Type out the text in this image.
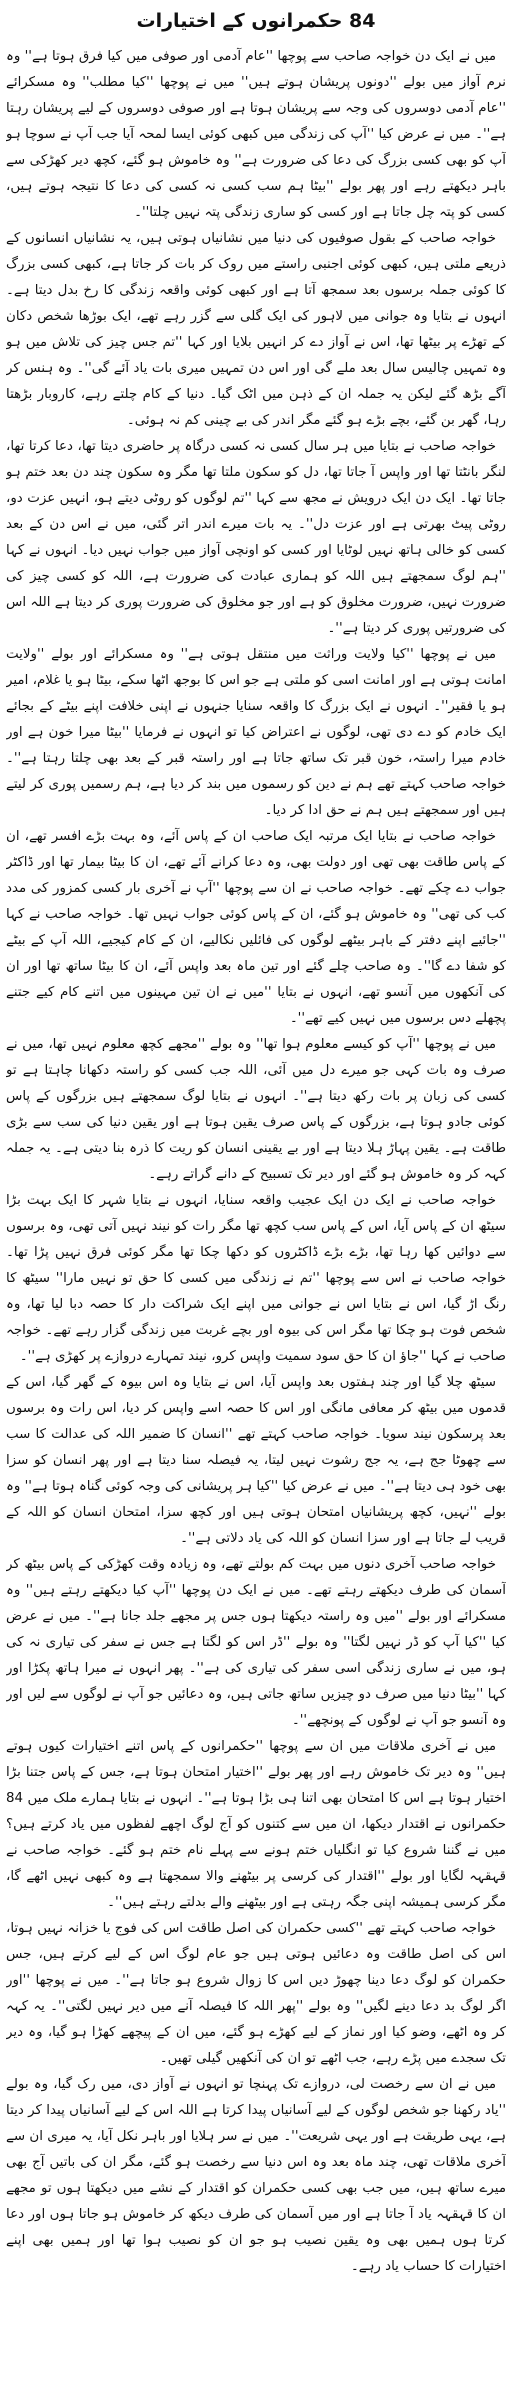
84 حکمرانوں کے اختیارات

میں نے ایک دن خواجہ صاحب سے پوچھا ''عام آدمی اور صوفی میں کیا فرق ہوتا ہے'' وہ نرم آواز میں بولے ''دونوں پریشان ہوتے ہیں'' میں نے پوچھا ''کیا مطلب'' وہ مسکرائے ''عام آدمی دوسروں کی وجہ سے پریشان ہوتا ہے اور صوفی دوسروں کے لیے پریشان رہتا ہے''۔ میں نے عرض کیا ''آپ کی زندگی میں کبھی کوئی ایسا لمحہ آیا جب آپ نے سوچا ہو آپ کو بھی کسی بزرگ کی دعا کی ضرورت ہے'' وہ خاموش ہو گئے، کچھ دیر کھڑکی سے باہر دیکھتے رہے اور پھر بولے ''بیٹا ہم سب کسی نہ کسی کی دعا کا نتیجہ ہوتے ہیں، کسی کو پتہ چل جاتا ہے اور کسی کو ساری زندگی پتہ نہیں چلتا''۔

خواجہ صاحب کے بقول صوفیوں کی دنیا میں نشانیاں ہوتی ہیں، یہ نشانیاں انسانوں کے ذریعے ملتی ہیں، کبھی کوئی اجنبی راستے میں روک کر بات کر جاتا ہے، کبھی کسی بزرگ کا کوئی جملہ برسوں بعد سمجھ آتا ہے اور کبھی کوئی واقعہ زندگی کا رخ بدل دیتا ہے۔ انہوں نے بتایا وہ جوانی میں لاہور کی ایک گلی سے گزر رہے تھے، ایک بوڑھا شخص دکان کے تھڑے پر بیٹھا تھا، اس نے آواز دے کر انہیں بلایا اور کہا ''تم جس چیز کی تلاش میں ہو وہ تمہیں چالیس سال بعد ملے گی اور اس دن تمہیں میری بات یاد آئے گی''۔ وہ ہنس کر آگے بڑھ گئے لیکن یہ جملہ ان کے ذہن میں اٹک گیا۔ دنیا کے کام چلتے رہے، کاروبار بڑھتا رہا، گھر بن گئے، بچے بڑے ہو گئے مگر اندر کی بے چینی کم نہ ہوئی۔

خواجہ صاحب نے بتایا میں ہر سال کسی نہ کسی درگاہ پر حاضری دیتا تھا، دعا کرتا تھا، لنگر بانٹتا تھا اور واپس آ جاتا تھا، دل کو سکون ملتا تھا مگر وہ سکون چند دن بعد ختم ہو جاتا تھا۔ ایک دن ایک درویش نے مجھ سے کہا ''تم لوگوں کو روٹی دیتے ہو، انہیں عزت دو، روٹی پیٹ بھرتی ہے اور عزت دل''۔ یہ بات میرے اندر اتر گئی، میں نے اس دن کے بعد کسی کو خالی ہاتھ نہیں لوٹایا اور کسی کو اونچی آواز میں جواب نہیں دیا۔ انہوں نے کہا ''ہم لوگ سمجھتے ہیں اللہ کو ہماری عبادت کی ضرورت ہے، اللہ کو کسی چیز کی ضرورت نہیں، ضرورت مخلوق کو ہے اور جو مخلوق کی ضرورت پوری کر دیتا ہے اللہ اس کی ضرورتیں پوری کر دیتا ہے''۔

میں نے پوچھا ''کیا ولایت وراثت میں منتقل ہوتی ہے'' وہ مسکرائے اور بولے ''ولایت امانت ہوتی ہے اور امانت اسی کو ملتی ہے جو اس کا بوجھ اٹھا سکے، بیٹا ہو یا غلام، امیر ہو یا فقیر''۔ انہوں نے ایک بزرگ کا واقعہ سنایا جنہوں نے اپنی خلافت اپنے بیٹے کے بجائے ایک خادم کو دے دی تھی، لوگوں نے اعتراض کیا تو انہوں نے فرمایا ''بیٹا میرا خون ہے اور خادم میرا راستہ، خون قبر تک ساتھ جاتا ہے اور راستہ قبر کے بعد بھی چلتا رہتا ہے''۔ خواجہ صاحب کہتے تھے ہم نے دین کو رسموں میں بند کر دیا ہے، ہم رسمیں پوری کر لیتے ہیں اور سمجھتے ہیں ہم نے حق ادا کر دیا۔

خواجہ صاحب نے بتایا ایک مرتبہ ایک صاحب ان کے پاس آئے، وہ بہت بڑے افسر تھے، ان کے پاس طاقت بھی تھی اور دولت بھی، وہ دعا کرانے آئے تھے، ان کا بیٹا بیمار تھا اور ڈاکٹر جواب دے چکے تھے۔ خواجہ صاحب نے ان سے پوچھا ''آپ نے آخری بار کسی کمزور کی مدد کب کی تھی'' وہ خاموش ہو گئے، ان کے پاس کوئی جواب نہیں تھا۔ خواجہ صاحب نے کہا ''جائیے اپنے دفتر کے باہر بیٹھے لوگوں کی فائلیں نکالیے، ان کے کام کیجیے، اللہ آپ کے بیٹے کو شفا دے گا''۔ وہ صاحب چلے گئے اور تین ماہ بعد واپس آئے، ان کا بیٹا ساتھ تھا اور ان کی آنکھوں میں آنسو تھے، انہوں نے بتایا ''میں نے ان تین مہینوں میں اتنے کام کیے جتنے پچھلے دس برسوں میں نہیں کیے تھے''۔

میں نے پوچھا ''آپ کو کیسے معلوم ہوا تھا'' وہ بولے ''مجھے کچھ معلوم نہیں تھا، میں نے صرف وہ بات کہی جو میرے دل میں آئی، اللہ جب کسی کو راستہ دکھانا چاہتا ہے تو کسی کی زبان پر بات رکھ دیتا ہے''۔ انہوں نے بتایا لوگ سمجھتے ہیں بزرگوں کے پاس کوئی جادو ہوتا ہے، بزرگوں کے پاس صرف یقین ہوتا ہے اور یقین دنیا کی سب سے بڑی طاقت ہے۔ یقین پہاڑ ہلا دیتا ہے اور بے یقینی انسان کو ریت کا ذرہ بنا دیتی ہے۔ یہ جملہ کہہ کر وہ خاموش ہو گئے اور دیر تک تسبیح کے دانے گراتے رہے۔

خواجہ صاحب نے ایک دن ایک عجیب واقعہ سنایا، انہوں نے بتایا شہر کا ایک بہت بڑا سیٹھ ان کے پاس آیا، اس کے پاس سب کچھ تھا مگر رات کو نیند نہیں آتی تھی، وہ برسوں سے دوائیں کھا رہا تھا، بڑے بڑے ڈاکٹروں کو دکھا چکا تھا مگر کوئی فرق نہیں پڑا تھا۔ خواجہ صاحب نے اس سے پوچھا ''تم نے زندگی میں کسی کا حق تو نہیں مارا'' سیٹھ کا رنگ اڑ گیا، اس نے بتایا اس نے جوانی میں اپنے ایک شراکت دار کا حصہ دبا لیا تھا، وہ شخص فوت ہو چکا تھا مگر اس کی بیوہ اور بچے غربت میں زندگی گزار رہے تھے۔ خواجہ صاحب نے کہا ''جاؤ ان کا حق سود سمیت واپس کرو، نیند تمہارے دروازے پر کھڑی ہے''۔

سیٹھ چلا گیا اور چند ہفتوں بعد واپس آیا، اس نے بتایا وہ اس بیوہ کے گھر گیا، اس کے قدموں میں بیٹھ کر معافی مانگی اور اس کا حصہ اسے واپس کر دیا، اس رات وہ برسوں بعد پرسکون نیند سویا۔ خواجہ صاحب کہتے تھے ''انسان کا ضمیر اللہ کی عدالت کا سب سے چھوٹا جج ہے، یہ جج رشوت نہیں لیتا، یہ فیصلہ سنا دیتا ہے اور پھر انسان کو سزا بھی خود ہی دیتا ہے''۔ میں نے عرض کیا ''کیا ہر پریشانی کی وجہ کوئی گناہ ہوتا ہے'' وہ بولے ''نہیں، کچھ پریشانیاں امتحان ہوتی ہیں اور کچھ سزا، امتحان انسان کو اللہ کے قریب لے جاتا ہے اور سزا انسان کو اللہ کی یاد دلاتی ہے''۔

خواجہ صاحب آخری دنوں میں بہت کم بولتے تھے، وہ زیادہ وقت کھڑکی کے پاس بیٹھ کر آسمان کی طرف دیکھتے رہتے تھے۔ میں نے ایک دن پوچھا ''آپ کیا دیکھتے رہتے ہیں'' وہ مسکرائے اور بولے ''میں وہ راستہ دیکھتا ہوں جس پر مجھے جلد جانا ہے''۔ میں نے عرض کیا ''کیا آپ کو ڈر نہیں لگتا'' وہ بولے ''ڈر اس کو لگتا ہے جس نے سفر کی تیاری نہ کی ہو، میں نے ساری زندگی اسی سفر کی تیاری کی ہے''۔ پھر انہوں نے میرا ہاتھ پکڑا اور کہا ''بیٹا دنیا میں صرف دو چیزیں ساتھ جاتی ہیں، وہ دعائیں جو آپ نے لوگوں سے لیں اور وہ آنسو جو آپ نے لوگوں کے پونچھے''۔

میں نے آخری ملاقات میں ان سے پوچھا ''حکمرانوں کے پاس اتنے اختیارات کیوں ہوتے ہیں'' وہ دیر تک خاموش رہے اور پھر بولے ''اختیار امتحان ہوتا ہے، جس کے پاس جتنا بڑا اختیار ہوتا ہے اس کا امتحان بھی اتنا ہی بڑا ہوتا ہے''۔ انہوں نے بتایا ہمارے ملک میں 84 حکمرانوں نے اقتدار دیکھا، ان میں سے کتنوں کو آج لوگ اچھے لفظوں میں یاد کرتے ہیں؟ میں نے گننا شروع کیا تو انگلیاں ختم ہونے سے پہلے نام ختم ہو گئے۔ خواجہ صاحب نے قہقہہ لگایا اور بولے ''اقتدار کی کرسی پر بیٹھنے والا سمجھتا ہے وہ کبھی نہیں اٹھے گا، مگر کرسی ہمیشہ اپنی جگہ رہتی ہے اور بیٹھنے والے بدلتے رہتے ہیں''۔

خواجہ صاحب کہتے تھے ''کسی حکمران کی اصل طاقت اس کی فوج یا خزانہ نہیں ہوتا، اس کی اصل طاقت وہ دعائیں ہوتی ہیں جو عام لوگ اس کے لیے کرتے ہیں، جس حکمران کو لوگ دعا دینا چھوڑ دیں اس کا زوال شروع ہو جاتا ہے''۔ میں نے پوچھا ''اور اگر لوگ بد دعا دینے لگیں'' وہ بولے ''پھر اللہ کا فیصلہ آنے میں دیر نہیں لگتی''۔ یہ کہہ کر وہ اٹھے، وضو کیا اور نماز کے لیے کھڑے ہو گئے، میں ان کے پیچھے کھڑا ہو گیا، وہ دیر تک سجدے میں پڑے رہے، جب اٹھے تو ان کی آنکھیں گیلی تھیں۔

میں نے ان سے رخصت لی، دروازے تک پہنچا تو انہوں نے آواز دی، میں رک گیا، وہ بولے ''یاد رکھنا جو شخص لوگوں کے لیے آسانیاں پیدا کرتا ہے اللہ اس کے لیے آسانیاں پیدا کر دیتا ہے، یہی طریقت ہے اور یہی شریعت''۔ میں نے سر ہلایا اور باہر نکل آیا، یہ میری ان سے آخری ملاقات تھی، چند ماہ بعد وہ اس دنیا سے رخصت ہو گئے، مگر ان کی باتیں آج بھی میرے ساتھ ہیں، میں جب بھی کسی حکمران کو اقتدار کے نشے میں دیکھتا ہوں تو مجھے ان کا قہقہہ یاد آ جاتا ہے اور میں آسمان کی طرف دیکھ کر خاموش ہو جاتا ہوں اور دعا کرتا ہوں ہمیں بھی وہ یقین نصیب ہو جو ان کو نصیب ہوا تھا اور ہمیں بھی اپنے اختیارات کا حساب یاد رہے۔
